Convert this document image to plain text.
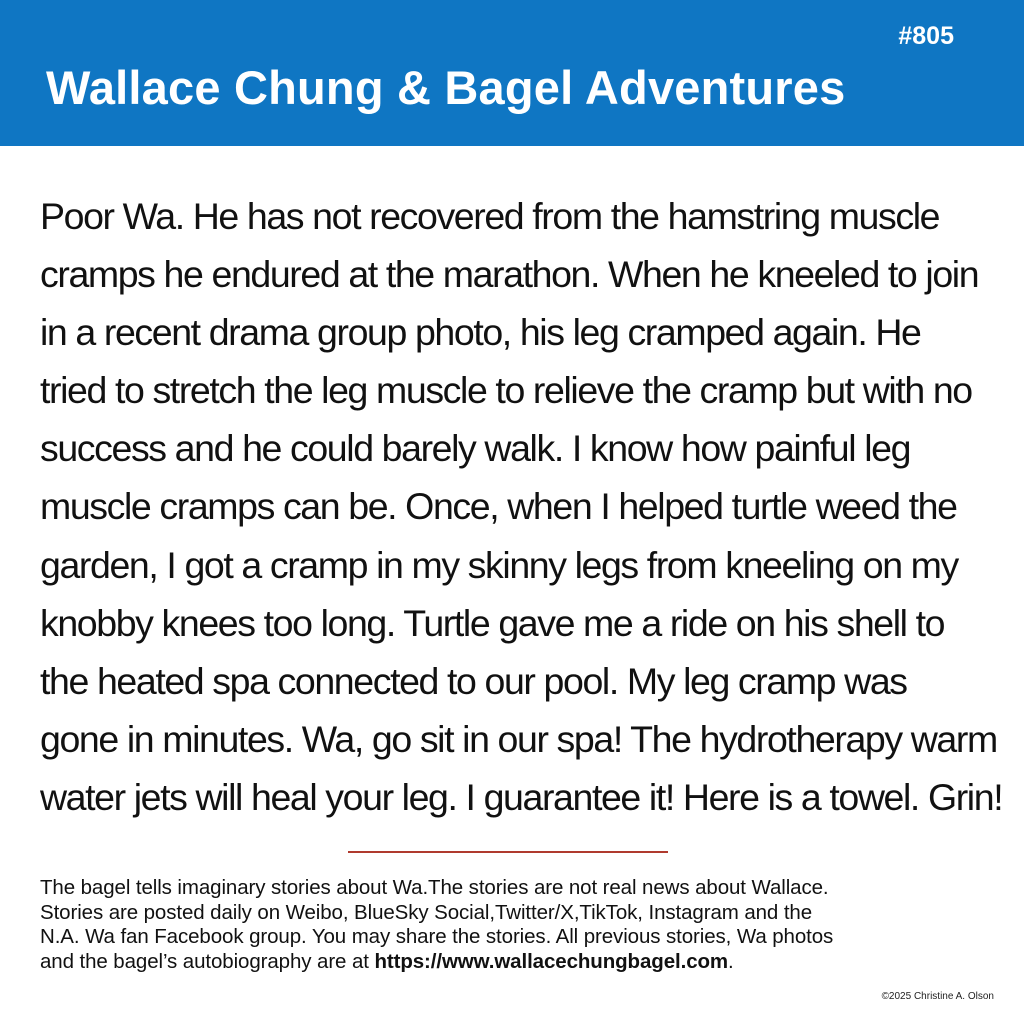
#805
Wallace Chung & Bagel Adventures
Poor Wa. He has not recovered from the hamstring muscle
cramps he endured at the marathon. When he kneeled to join
in a recent drama group photo, his leg cramped again. He
tried to stretch the leg muscle to relieve the cramp but with no
success and he could barely walk. I know how painful leg
muscle cramps can be. Once, when I helped turtle weed the
garden, I got a cramp in my skinny legs from kneeling on my
knobby knees too long. Turtle gave me a ride on his shell to
the heated spa connected to our pool. My leg cramp was
gone in minutes. Wa, go sit in our spa! The hydrotherapy warm
water jets will heal your leg. I guarantee it! Here is a towel. Grin!
The bagel tells imaginary stories about Wa.The stories are not real news about Wallace.
Stories are posted daily on Weibo, BlueSky Social,Twitter/X,TikTok, Instagram and the
N.A. Wa fan Facebook group. You may share the stories. All previous stories, Wa photos
and the bagel’s autobiography are at https://www.wallacechungbagel.com.
©2025 Christine A. Olson
